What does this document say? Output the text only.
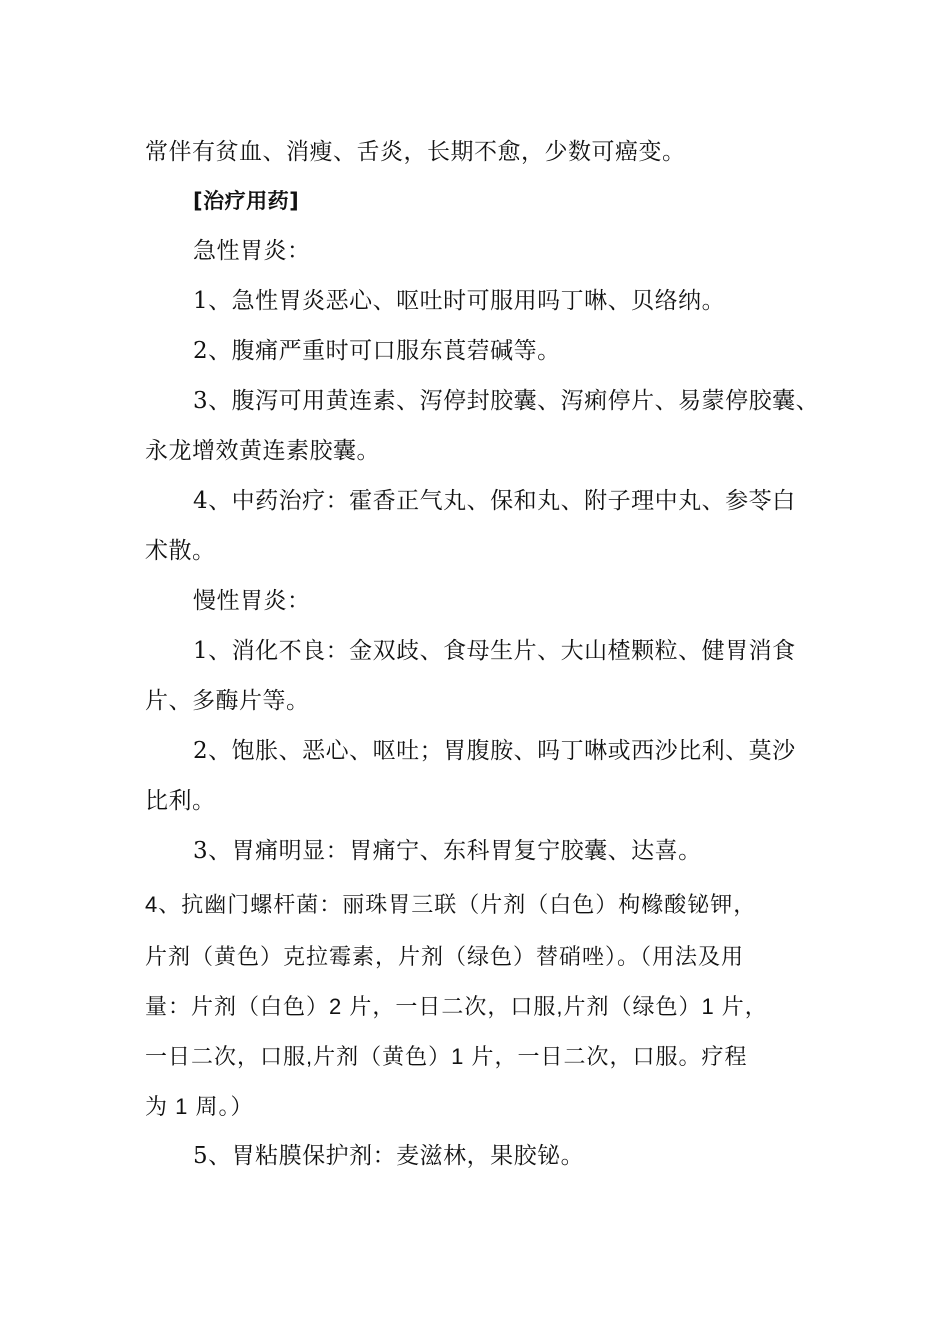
常伴有贫血、消瘦、舌炎，长期不愈，少数可癌变。
[治疗用药]
急性胃炎：
1、急性胃炎恶心、呕吐时可服用吗丁啉、贝络纳。
2、腹痛严重时可口服东莨菪碱等。
3、腹泻可用黄连素、泻停封胶囊、泻痢停片、易蒙停胶囊、
永龙增效黄连素胶囊。
4、中药治疗：霍香正气丸、保和丸、附子理中丸、参苓白
术散。
慢性胃炎：
1、消化不良：金双歧、食母生片、大山楂颗粒、健胃消食
片、多酶片等。
2、饱胀、恶心、呕吐；胃腹胺、吗丁啉或西沙比利、莫沙
比利。
3、胃痛明显：胃痛宁、东科胃复宁胶囊、达喜。
4、抗幽门螺杆菌：丽珠胃三联（片剂（白色）枸橼酸铋钾，
片剂（黄色）克拉霉素，片剂（绿色）替硝唑）。（用法及用
量：片剂（白色）2 片，一日二次，口服,片剂（绿色）1 片，
一日二次，口服,片剂（黄色）1 片，一日二次，口服。疗程
为 1 周。）
5、胃粘膜保护剂：麦滋林，果胶铋。
